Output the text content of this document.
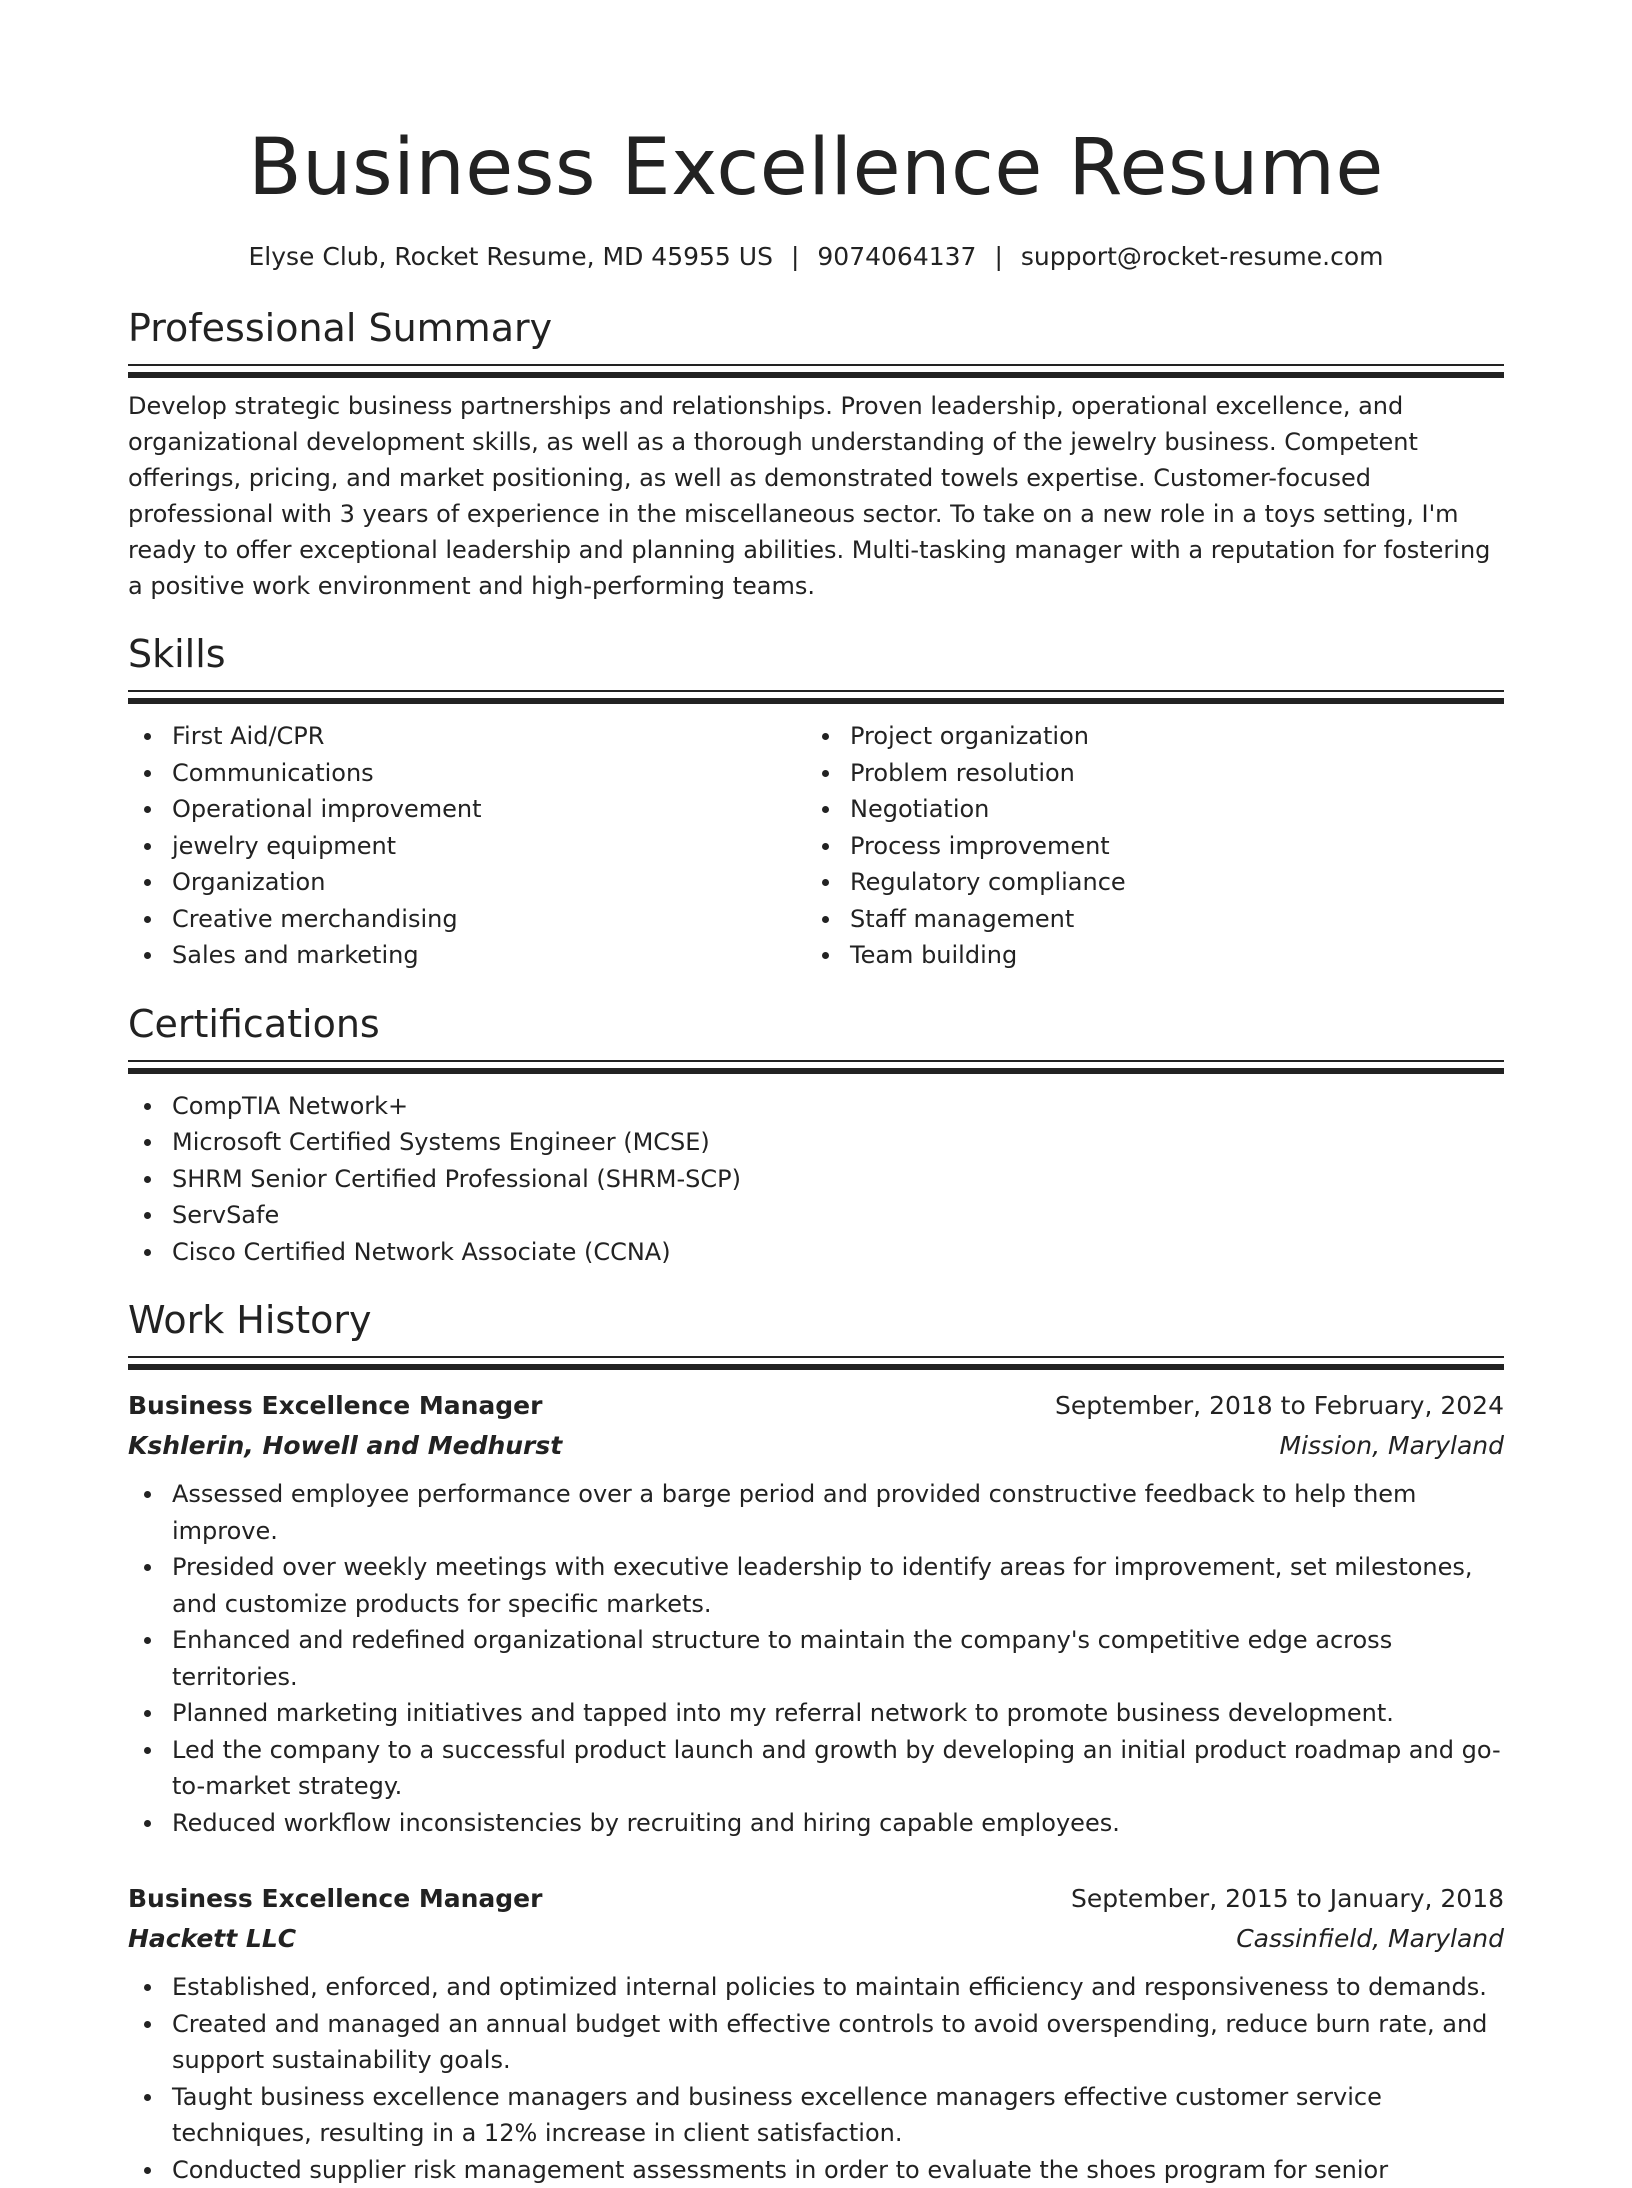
Business Excellence Resume
Elyse Club, Rocket Resume, MD 45955 US | 9074064137 | support@rocket-resume.com
Professional Summary
Develop strategic business partnerships and relationships. Proven leadership, operational excellence, and organizational development skills, as well as a thorough understanding of the jewelry business. Competent offerings, pricing, and market positioning, as well as demonstrated towels expertise. Customer-focused professional with 3 years of experience in the miscellaneous sector. To take on a new role in a toys setting, I'm ready to offer exceptional leadership and planning abilities. Multi-tasking manager with a reputation for fostering a positive work environment and high-performing teams.
Skills
First Aid/CPR
Communications
Operational improvement
jewelry equipment
Organization
Creative merchandising
Sales and marketing
Project organization
Problem resolution
Negotiation
Process improvement
Regulatory compliance
Staff management
Team building
Certifications
CompTIA Network+
Microsoft Certified Systems Engineer (MCSE)
SHRM Senior Certified Professional (SHRM-SCP)
ServSafe
Cisco Certified Network Associate (CCNA)
Work History
Business Excellence Manager	September, 2018 to February, 2024
Kshlerin, Howell and Medhurst	Mission, Maryland
Assessed employee performance over a barge period and provided constructive feedback to help them improve.
Presided over weekly meetings with executive leadership to identify areas for improvement, set milestones, and customize products for specific markets.
Enhanced and redefined organizational structure to maintain the company's competitive edge across territories.
Planned marketing initiatives and tapped into my referral network to promote business development.
Led the company to a successful product launch and growth by developing an initial product roadmap and go-to-market strategy.
Reduced workflow inconsistencies by recruiting and hiring capable employees.
Business Excellence Manager	September, 2015 to January, 2018
Hackett LLC	Cassinfield, Maryland
Established, enforced, and optimized internal policies to maintain efficiency and responsiveness to demands.
Created and managed an annual budget with effective controls to avoid overspending, reduce burn rate, and support sustainability goals.
Taught business excellence managers and business excellence managers effective customer service techniques, resulting in a 12% increase in client satisfaction.
Conducted supplier risk management assessments in order to evaluate the shoes program for senior
